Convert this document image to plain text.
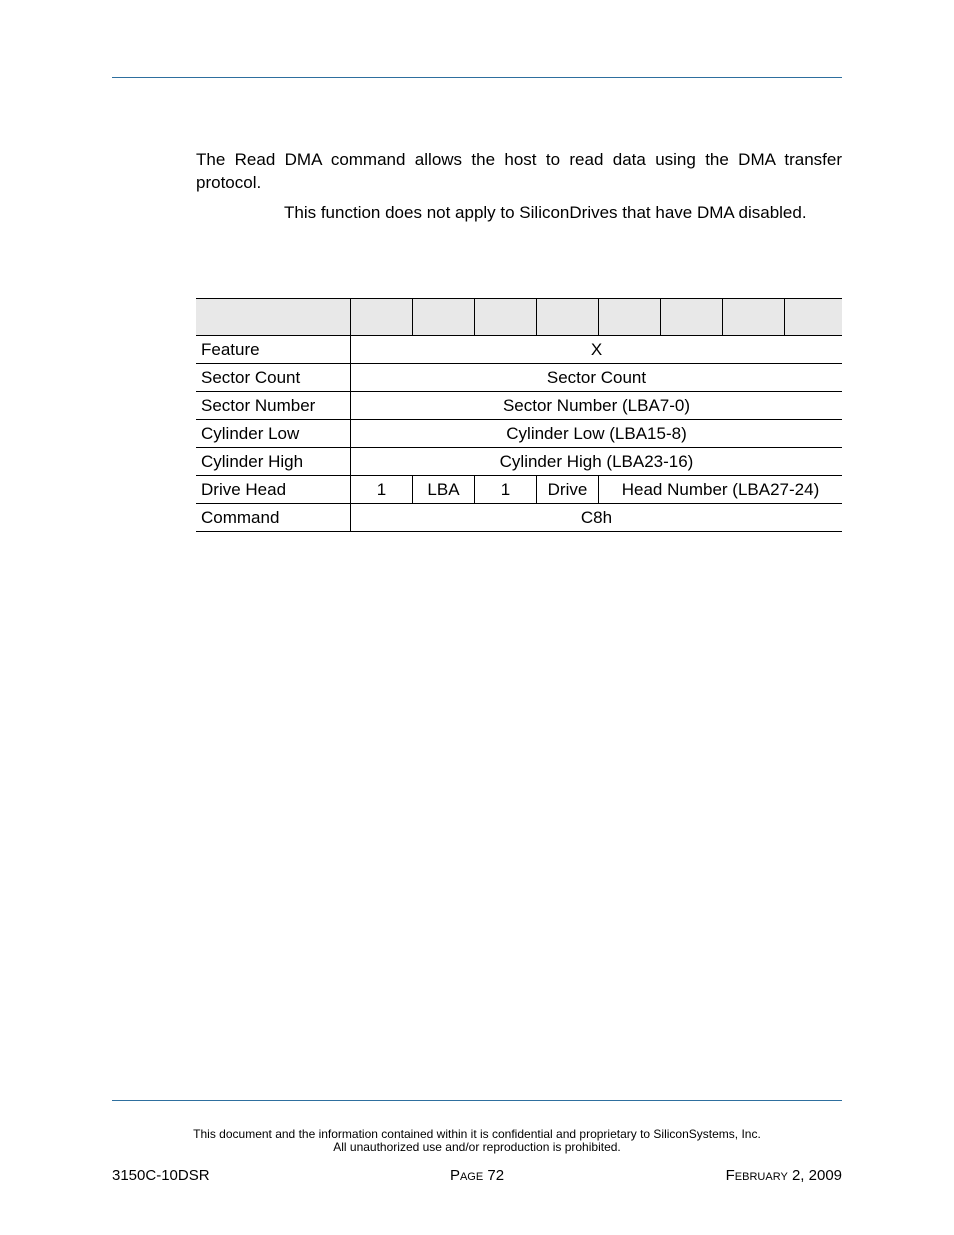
The Read DMA command allows the host to read data using the DMA transfer protocol.

This function does not apply to SiliconDrives that have DMA disabled.

Feature	X							
Sector Count	Sector Count							
Sector Number	Sector Number (LBA7-0)							
Cylinder Low	Cylinder Low (LBA15-8)							
Cylinder High	Cylinder High (LBA23-16)							
Drive Head	1	LBA	1	Drive	Head Number (LBA27-24)			
Command	C8h							
This document and the information contained within it is confidential and proprietary to SiliconSystems, Inc.
All unauthorized use and/or reproduction is prohibited.
3150C-10DSR	Page 72	February 2, 2009
